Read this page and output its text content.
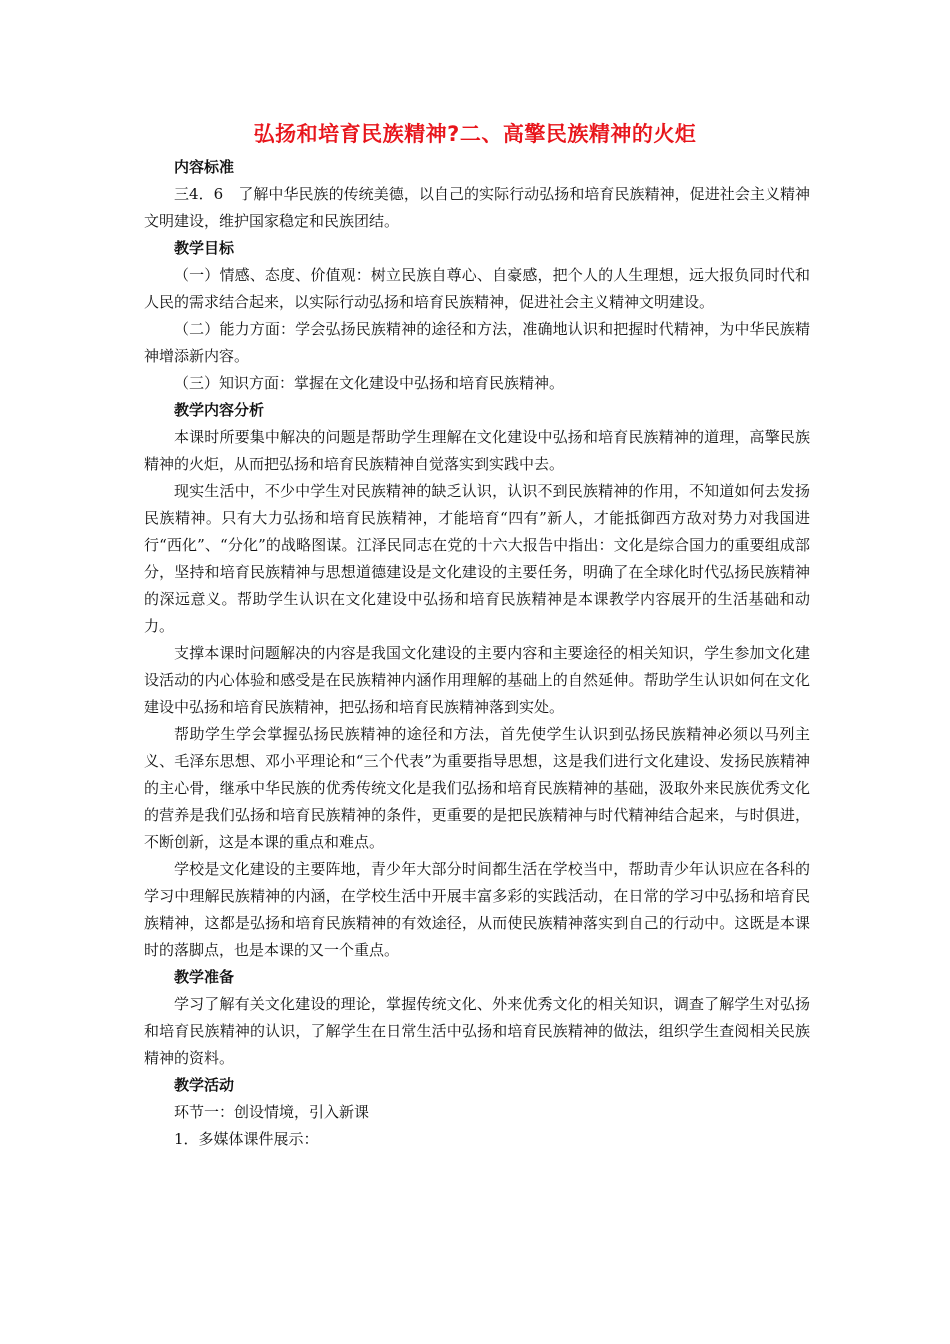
弘扬和培育民族精神?二、高擎民族精神的火炬

内容标准

三4．6　了解中华民族的传统美德，以自己的实际行动弘扬和培育民族精神，促进社会主义精神文明建设，维护国家稳定和民族团结。

教学目标

（一）情感、态度、价值观：树立民族自尊心、自豪感，把个人的人生理想，远大报负同时代和人民的需求结合起来，以实际行动弘扬和培育民族精神，促进社会主义精神文明建设。

（二）能力方面：学会弘扬民族精神的途径和方法，准确地认识和把握时代精神，为中华民族精神增添新内容。

（三）知识方面：掌握在文化建设中弘扬和培育民族精神。

教学内容分析

本课时所要集中解决的问题是帮助学生理解在文化建设中弘扬和培育民族精神的道理，高擎民族精神的火炬，从而把弘扬和培育民族精神自觉落实到实践中去。

现实生活中，不少中学生对民族精神的缺乏认识，认识不到民族精神的作用，不知道如何去发扬民族精神。只有大力弘扬和培育民族精神，才能培育“四有”新人，才能抵御西方敌对势力对我国进行“西化”、“分化”的战略图谋。江泽民同志在党的十六大报告中指出：文化是综合国力的重要组成部分，坚持和培育民族精神与思想道德建设是文化建设的主要任务，明确了在全球化时代弘扬民族精神的深远意义。帮助学生认识在文化建设中弘扬和培育民族精神是本课教学内容展开的生活基础和动力。

支撑本课时问题解决的内容是我国文化建设的主要内容和主要途径的相关知识，学生参加文化建设活动的内心体验和感受是在民族精神内涵作用理解的基础上的自然延伸。帮助学生认识如何在文化建设中弘扬和培育民族精神，把弘扬和培育民族精神落到实处。

帮助学生学会掌握弘扬民族精神的途径和方法，首先使学生认识到弘扬民族精神必须以马列主义、毛泽东思想、邓小平理论和“三个代表”为重要指导思想，这是我们进行文化建设、发扬民族精神的主心骨，继承中华民族的优秀传统文化是我们弘扬和培育民族精神的基础，汲取外来民族优秀文化的营养是我们弘扬和培育民族精神的条件，更重要的是把民族精神与时代精神结合起来，与时俱进，不断创新，这是本课的重点和难点。

学校是文化建设的主要阵地，青少年大部分时间都生活在学校当中，帮助青少年认识应在各科的学习中理解民族精神的内涵，在学校生活中开展丰富多彩的实践活动，在日常的学习中弘扬和培育民族精神，这都是弘扬和培育民族精神的有效途径，从而使民族精神落实到自己的行动中。这既是本课时的落脚点，也是本课的又一个重点。

教学准备

学习了解有关文化建设的理论，掌握传统文化、外来优秀文化的相关知识，调查了解学生对弘扬和培育民族精神的认识，了解学生在日常生活中弘扬和培育民族精神的做法，组织学生查阅相关民族精神的资料。

教学活动

环节一：创设情境，引入新课

1．多媒体课件展示：
